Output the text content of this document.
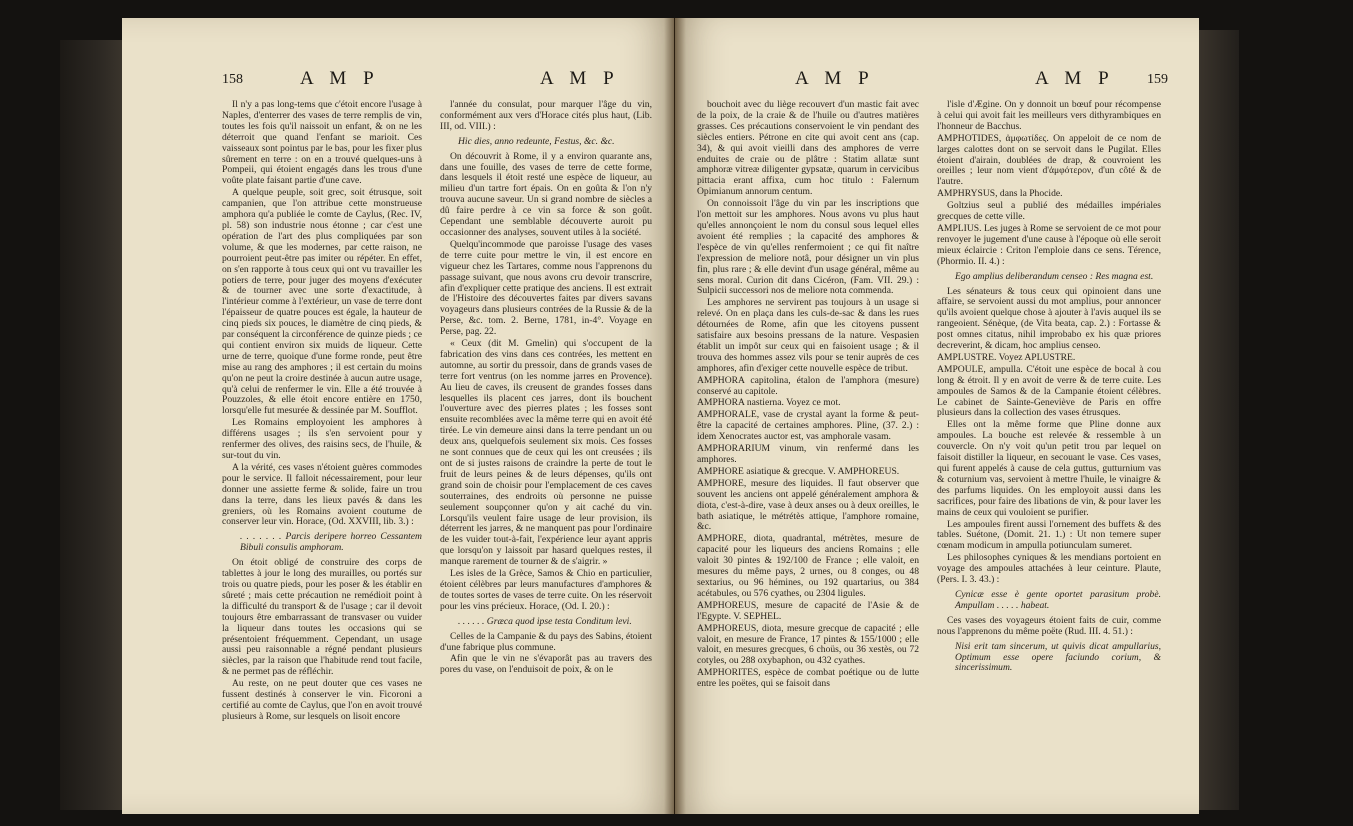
158	A M P	A M P

Il n'y a pas long-tems que c'étoit encore l'usage à Naples, d'enterrer des vases de terre remplis de vin, toutes les fois qu'il naissoit un enfant, & on ne les déterroit que quand l'enfant se marioit. Ces vaisseaux sont pointus par le bas, pour les fixer plus sûrement en terre : on en a trouvé quelques-uns à Pompeii, qui étoient engagés dans les trous d'une voûte plate faisant partie d'une cave.

A quelque peuple, soit grec, soit étrusque, soit campanien, que l'on attribue cette monstrueuse amphora qu'a publiée le comte de Caylus, (Rec. IV, pl. 58) son industrie nous étonne ; car c'est une opération de l'art des plus compliquées par son volume, & que les modernes, par cette raison, ne pourroient peut-être pas imiter ou répéter. En effet, on s'en rapporte à tous ceux qui ont vu travailler les potiers de terre, pour juger des moyens d'exécuter & de tourner avec une sorte d'exactitude, à l'intérieur comme à l'extérieur, un vase de terre dont l'épaisseur de quatre pouces est égale, la hauteur de cinq pieds six pouces, le diamètre de cinq pieds, & par conséquent la circonférence de quinze pieds ; ce qui contient environ six muids de liqueur. Cette urne de terre, quoique d'une forme ronde, peut être mise au rang des amphores ; il est certain du moins qu'on ne peut la croire destinée à aucun autre usage, qu'à celui de renfermer le vin. Elle a été trouvée à Pouzzoles, & elle étoit encore entière en 1750, lorsqu'elle fut mesurée & dessinée par M. Soufflot.

Les Romains employoient les amphores à différens usages ; ils s'en servoient pour y renfermer des olives, des raisins secs, de l'huile, & sur-tout du vin.

A la vérité, ces vases n'étoient guères commodes pour le service. Il falloit nécessairement, pour leur donner une assiette ferme & solide, faire un trou dans la terre, dans les lieux pavés & dans les greniers, où les Romains avoient coutume de conserver leur vin. Horace, (Od. XXVIII, lib. 3.) :

. . . . . . . Parcis deripere horreo Cessantem Bibuli consulis amphoram.

On étoit obligé de construire des corps de tablettes à jour le long des murailles, ou portés sur trois ou quatre pieds, pour les poser & les établir en sûreté ; mais cette précaution ne remédioit point à la difficulté du transport & de l'usage ; car il devoit toujours être embarrassant de transvaser ou vuider la liqueur dans toutes les occasions qui se présentoient fréquemment. Cependant, un usage aussi peu raisonnable a régné pendant plusieurs siècles, par la raison que l'habitude rend tout facile, & ne permet pas de réfléchir.

Au reste, on ne peut douter que ces vases ne fussent destinés à conserver le vin. Ficoroni a certifié au comte de Caylus, que l'on en avoit trouvé plusieurs à Rome, sur lesquels on lisoit encore

l'année du consulat, pour marquer l'âge du vin, conformément aux vers d'Horace cités plus haut, (Lib. III, od. VIII.) :

Hic dies, anno redeunte, Festus, &c. &c.

On découvrit à Rome, il y a environ quarante ans, dans une fouille, des vases de terre de cette forme, dans lesquels il étoit resté une espèce de liqueur, au milieu d'un tartre fort épais. On en goûta & l'on n'y trouva aucune saveur. Un si grand nombre de siècles a dû faire perdre à ce vin sa force & son goût. Cependant une semblable découverte auroit pu occasionner des analyses, souvent utiles à la société.

Quelqu'incommode que paroisse l'usage des vases de terre cuite pour mettre le vin, il est encore en vigueur chez les Tartares, comme nous l'apprenons du passage suivant, que nous avons cru devoir transcrire, afin d'expliquer cette pratique des anciens. Il est extrait de l'Histoire des découvertes faites par divers savans voyageurs dans plusieurs contrées de la Russie & de la Perse, &c. tom. 2. Berne, 1781, in-4°. Voyage en Perse, pag. 22.

« Ceux (dit M. Gmelin) qui s'occupent de la fabrication des vins dans ces contrées, les mettent en automne, au sortir du pressoir, dans de grands vases de terre fort ventrus (on les nomme jarres en Provence). Au lieu de caves, ils creusent de grandes fosses dans lesquelles ils placent ces jarres, dont ils bouchent l'ouverture avec des pierres plates ; les fosses sont ensuite recomblées avec la même terre qui en avoit été tirée. Le vin demeure ainsi dans la terre pendant un ou deux ans, quelquefois seulement six mois. Ces fosses ne sont connues que de ceux qui les ont creusées ; ils ont de si justes raisons de craindre la perte de tout le fruit de leurs peines & de leurs dépenses, qu'ils ont grand soin de choisir pour l'emplacement de ces caves souterraines, des endroits où personne ne puisse seulement soupçonner qu'on y ait caché du vin. Lorsqu'ils veulent faire usage de leur provision, ils déterrent les jarres, & ne manquent pas pour l'ordinaire de les vuider tout-à-fait, l'expérience leur ayant appris que lorsqu'on y laissoit par hasard quelques restes, il manque rarement de tourner & de s'aigrir. »

Les isles de la Grèce, Samos & Chio en particulier, étoient célèbres par leurs manufactures d'amphores & de toutes sortes de vases de terre cuite. On les réservoit pour les vins précieux. Horace, (Od. I. 20.) :

. . . . . . Græca quod ipse testa Conditum levi.

Celles de la Campanie & du pays des Sabins, étoient d'une fabrique plus commune.

Afin que le vin ne s'évaporât pas au travers des pores du vase, on l'enduisoit de poix, & on le

A M P	A M P 159

bouchoit avec du liège recouvert d'un mastic fait avec de la poix, de la craie & de l'huile ou d'autres matières grasses. Ces précautions conservoient le vin pendant des siècles entiers. Pétrone en cite qui avoit cent ans (cap. 34), & qui avoit vieilli dans des amphores de verre enduites de craie ou de plâtre : Statim allatæ sunt amphoræ vitreæ diligenter gypsatæ, quarum in cervicibus pittacia erant affixa, cum hoc titulo : Falernum Opimianum annorum centum.

On connoissoit l'âge du vin par les inscriptions que l'on mettoit sur les amphores. Nous avons vu plus haut qu'elles annonçoient le nom du consul sous lequel elles avoient été remplies ; la capacité des amphores & l'espèce de vin qu'elles renfermoient ; ce qui fit naître l'expression de meliore notâ, pour désigner un vin plus fin, plus rare ; & elle devint d'un usage général, même au sens moral. Curion dit dans Cicéron, (Fam. VII. 29.) : Sulpicii successori nos de meliore nota commenda.

Les amphores ne servirent pas toujours à un usage si relevé. On en plaça dans les culs-de-sac & dans les rues détournées de Rome, afin que les citoyens pussent satisfaire aux besoins pressans de la nature. Vespasien établit un impôt sur ceux qui en faisoient usage ; & il trouva des hommes assez vils pour se tenir auprès de ces amphores, afin d'exiger cette nouvelle espèce de tribut.

AMPHORA capitolina, étalon de l'amphora (mesure) conservé au capitole.

AMPHORA nastierna. Voyez ce mot.

AMPHORALE, vase de crystal ayant la forme & peut-être la capacité de certaines amphores. Pline, (37. 2.) : idem Xenocrates auctor est, vas amphorale vasam.

AMPHORARIUM vinum, vin renfermé dans les amphores.

AMPHORE asiatique & grecque. V. AMPHOREUS.

AMPHORE, mesure des liquides. Il faut observer que souvent les anciens ont appelé généralement amphora & diota, c'est-à-dire, vase à deux anses ou à deux oreilles, le bath asiatique, le métrétès attique, l'amphore romaine, &c.

AMPHORE, diota, quadrantal, métrètes, mesure de capacité pour les liqueurs des anciens Romains ; elle valoit 30 pintes & 192/100 de France ; elle valoit, en mesures du même pays, 2 urnes, ou 8 conges, ou 48 sextarius, ou 96 hémines, ou 192 quartarius, ou 384 acétabules, ou 576 cyathes, ou 2304 ligules.

AMPHOREUS, mesure de capacité de l'Asie & de l'Egypte. V. SEPHEL.

AMPHOREUS, diota, mesure grecque de capacité ; elle valoit, en mesure de France, 17 pintes & 155/1000 ; elle valoit, en mesures grecques, 6 choüs, ou 36 xestès, ou 72 cotyles, ou 288 oxybaphon, ou 432 cyathes.

AMPHORITES, espèce de combat poétique ou de lutte entre les poëtes, qui se faisoit dans

l'isle d'Ægine. On y donnoit un bœuf pour récompense à celui qui avoit fait les meilleurs vers dithyrambiques en l'honneur de Bacchus.

AMPHOTIDES, ἀμφωτίδες. On appeloit de ce nom de larges calottes dont on se servoit dans le Pugilat. Elles étoient d'airain, doublées de drap, & couvroient les oreilles ; leur nom vient d'ἀμφότερον, d'un côté & de l'autre.

AMPHRYSUS, dans la Phocide.

Goltzius seul a publié des médailles impériales grecques de cette ville.

AMPLIUS. Les juges à Rome se servoient de ce mot pour renvoyer le jugement d'une cause à l'époque où elle seroit mieux éclaircie : Criton l'emploie dans ce sens. Térence, (Phormio. II. 4.) :

Ego amplius deliberandum censeo : Res magna est.

Les sénateurs & tous ceux qui opinoient dans une affaire, se servoient aussi du mot amplius, pour annoncer qu'ils avoient quelque chose à ajouter à l'avis auquel ils se rangeoient. Sénèque, (de Vita beata, cap. 2.) : Fortasse & post omnes citatus, nihil improbabo ex his quæ priores decreverint, & dicam, hoc amplius censeo.

AMPLUSTRE. Voyez APLUSTRE.

AMPOULE, ampulla. C'étoit une espèce de bocal à cou long & étroit. Il y en avoit de verre & de terre cuite. Les ampoules de Samos & de la Campanie étoient célèbres. Le cabinet de Sainte-Geneviève de Paris en offre plusieurs dans la collection des vases étrusques.

Elles ont la même forme que Pline donne aux ampoules. La bouche est relevée & ressemble à un couvercle. On n'y voit qu'un petit trou par lequel on faisoit distiller la liqueur, en secouant le vase. Ces vases, qui furent appelés à cause de cela guttus, gutturnium vas & coturnium vas, servoient à mettre l'huile, le vinaigre & des parfums liquides. On les employoit aussi dans les sacrifices, pour faire des libations de vin, & pour laver les mains de ceux qui vouloient se purifier.

Les ampoules firent aussi l'ornement des buffets & des tables. Suétone, (Domit. 21. 1.) : Ut non temere super cœnam modicum in ampulla potiunculam sumeret.

Les philosophes cyniques & les mendians portoient en voyage des ampoules attachées à leur ceinture. Plaute, (Pers. I. 3. 43.) :

Cynicæ esse è gente oportet parasitum probè. Ampullam . . . . . habeat.

Ces vases des voyageurs étoient faits de cuir, comme nous l'apprenons du même poëte (Rud. III. 4. 51.) :

Nisi erit tam sincerum, ut quivis dicat ampullarius, Optimum esse opere faciundo corium, & sincerissimum.
